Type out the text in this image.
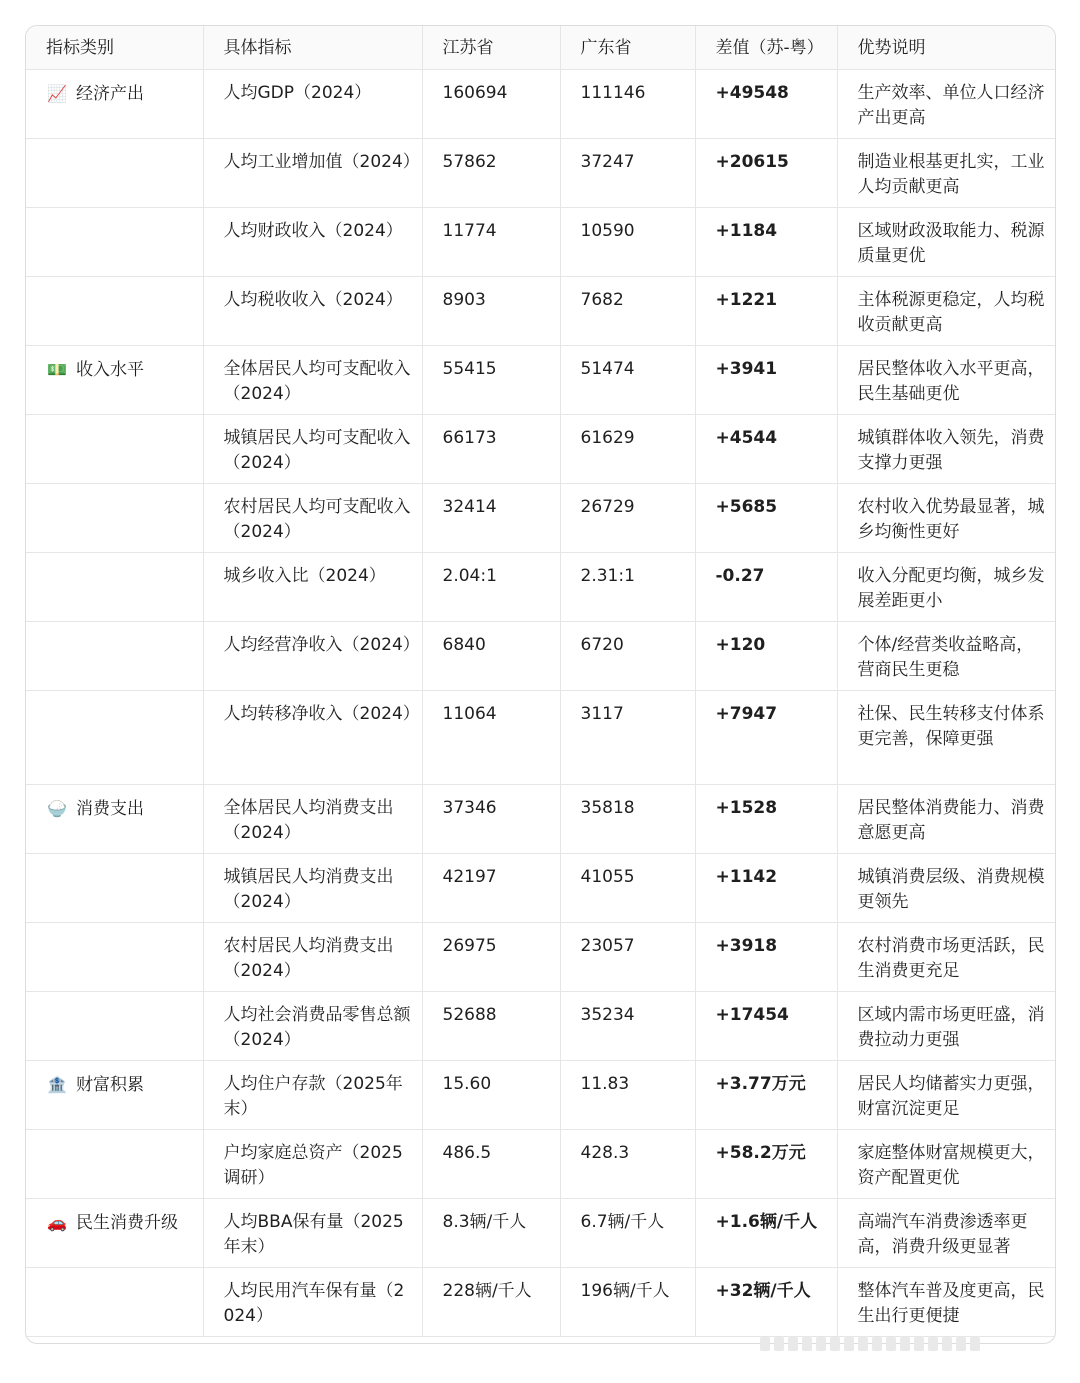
指标类别	具体指标	江苏省	广东省	差值（苏-粤）	优势说明
📈 经济产出	人均GDP（2024）	160694	111146	+49548	生产效率、单位人口经济产出更高
	人均工业增加值（2024）	57862	37247	+20615	制造业根基更扎实，工业人均贡献更高
	人均财政收入（2024）	11774	10590	+1184	区域财政汲取能力、税源质量更优
	人均税收收入（2024）	8903	7682	+1221	主体税源更稳定，人均税收贡献更高
💵 收入水平	全体居民人均可支配收入（2024）	55415	51474	+3941	居民整体收入水平更高，民生基础更优
	城镇居民人均可支配收入（2024）	66173	61629	+4544	城镇群体收入领先，消费支撑力更强
	农村居民人均可支配收入（2024）	32414	26729	+5685	农村收入优势最显著，城乡均衡性更好
	城乡收入比（2024）	2.04:1	2.31:1	-0.27	收入分配更均衡，城乡发展差距更小
	人均经营净收入（2024）	6840	6720	+120	个体/经营类收益略高，营商民生更稳
	人均转移净收入（2024）	11064	3117	+7947	社保、民生转移支付体系更完善，保障更强
🍚 消费支出	全体居民人均消费支出（2024）	37346	35818	+1528	居民整体消费能力、消费意愿更高
	城镇居民人均消费支出（2024）	42197	41055	+1142	城镇消费层级、消费规模更领先
	农村居民人均消费支出（2024）	26975	23057	+3918	农村消费市场更活跃，民生消费更充足
	人均社会消费品零售总额（2024）	52688	35234	+17454	区域内需市场更旺盛，消费拉动力更强
🏦 财富积累	人均住户存款（2025年末）	15.60	11.83	+3.77万元	居民人均储蓄实力更强，财富沉淀更足
	户均家庭总资产（2025调研）	486.5	428.3	+58.2万元	家庭整体财富规模更大，资产配置更优
🚗 民生消费升级	人均BBA保有量（2025年末）	8.3辆/千人	6.7辆/千人	+1.6辆/千人	高端汽车消费渗透率更高，消费升级更显著
	人均民用汽车保有量（2024）	228辆/千人	196辆/千人	+32辆/千人	整体汽车普及度更高，民生出行更便捷
